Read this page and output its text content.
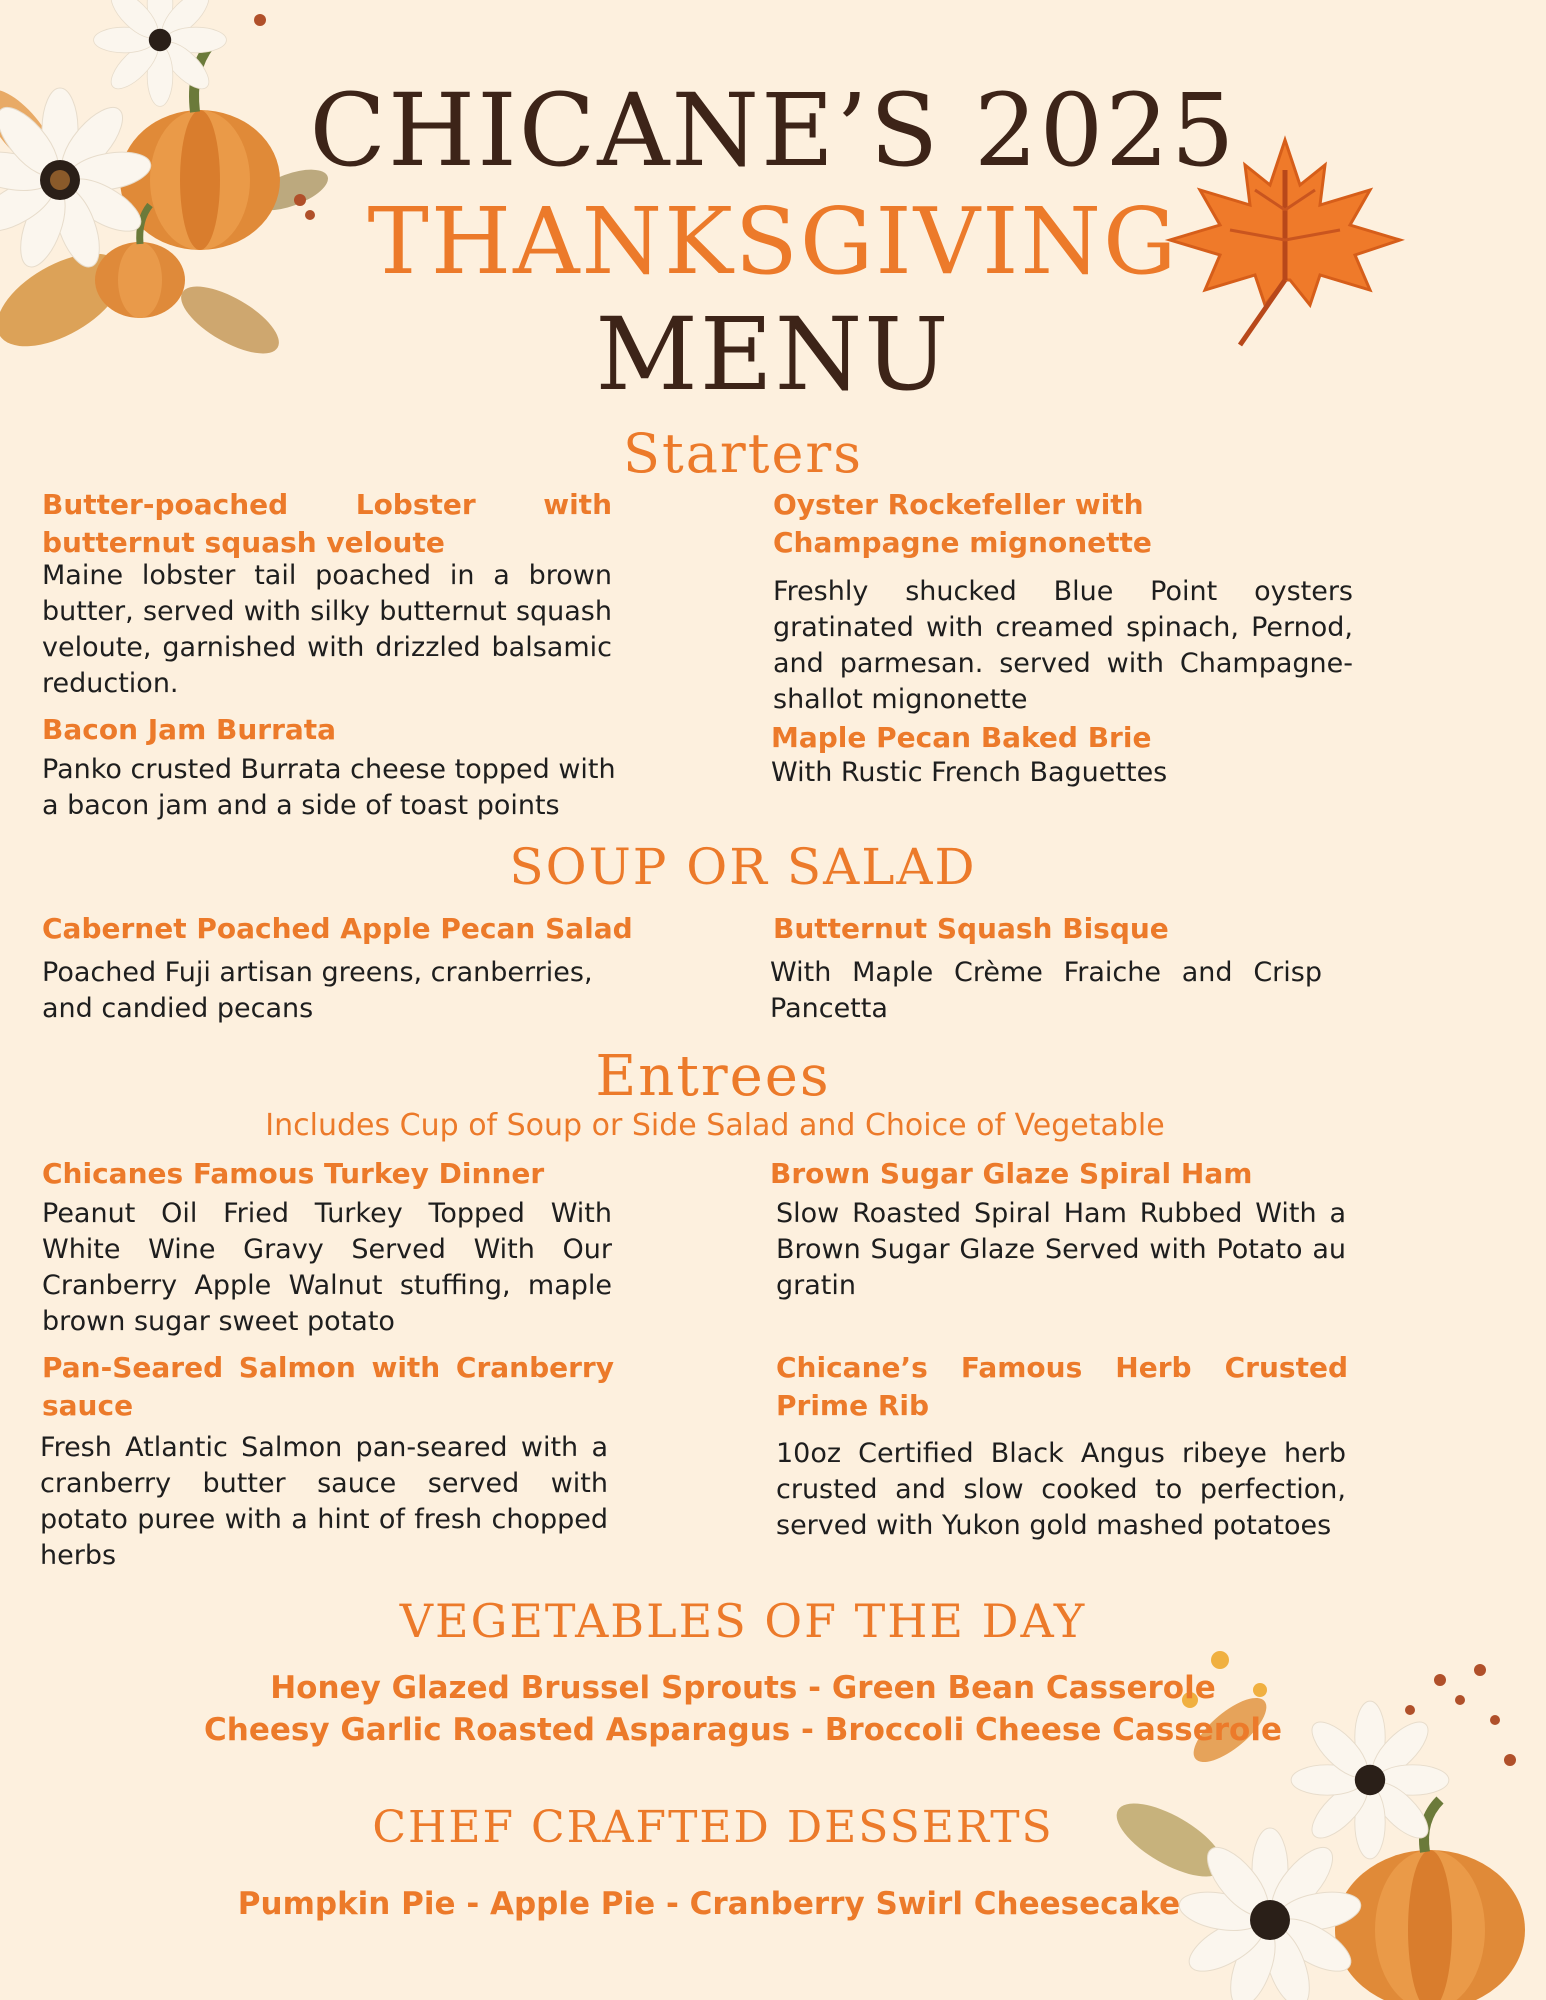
CHICANE’S 2025
THANKSGIVING
MENU
Starters
Butter-poached Lobster with butternut squash veloute
Maine lobster tail poached in a brown butter, served with silky butternut squash veloute, garnished with drizzled balsamic reduction.
Oyster Rockefeller with Champagne mignonette
Freshly shucked Blue Point oysters gratinated with creamed spinach, Pernod, and parmesan. served with Champagne-shallot mignonette
Bacon Jam Burrata
Panko crusted Burrata cheese topped with a bacon jam and a side of toast points
Maple Pecan Baked Brie
With Rustic French Baguettes
SOUP OR SALAD
Cabernet Poached Apple Pecan Salad
Poached Fuji artisan greens, cranberries, and candied pecans
Butternut Squash Bisque
With Maple Crème Fraiche and Crisp Pancetta
Entrees
Includes Cup of Soup or Side Salad and Choice of Vegetable
Chicanes Famous Turkey Dinner
Peanut Oil Fried Turkey Topped With White Wine Gravy Served With Our Cranberry Apple Walnut stuffing, maple brown sugar sweet potato
Brown Sugar Glaze Spiral Ham
Slow Roasted Spiral Ham Rubbed With a Brown Sugar Glaze Served with Potato au gratin
Pan-Seared Salmon with Cranberry sauce
Fresh Atlantic Salmon pan-seared with a cranberry butter sauce served with potato puree with a hint of fresh chopped herbs
Chicane’s Famous Herb Crusted Prime Rib
10oz Certified Black Angus ribeye herb crusted and slow cooked to perfection, served with Yukon gold mashed potatoes
VEGETABLES OF THE DAY
Honey Glazed Brussel Sprouts - Green Bean Casserole
Cheesy Garlic Roasted Asparagus - Broccoli Cheese Casserole
CHEF CRAFTED DESSERTS
Pumpkin Pie - Apple Pie - Cranberry Swirl Cheesecake
